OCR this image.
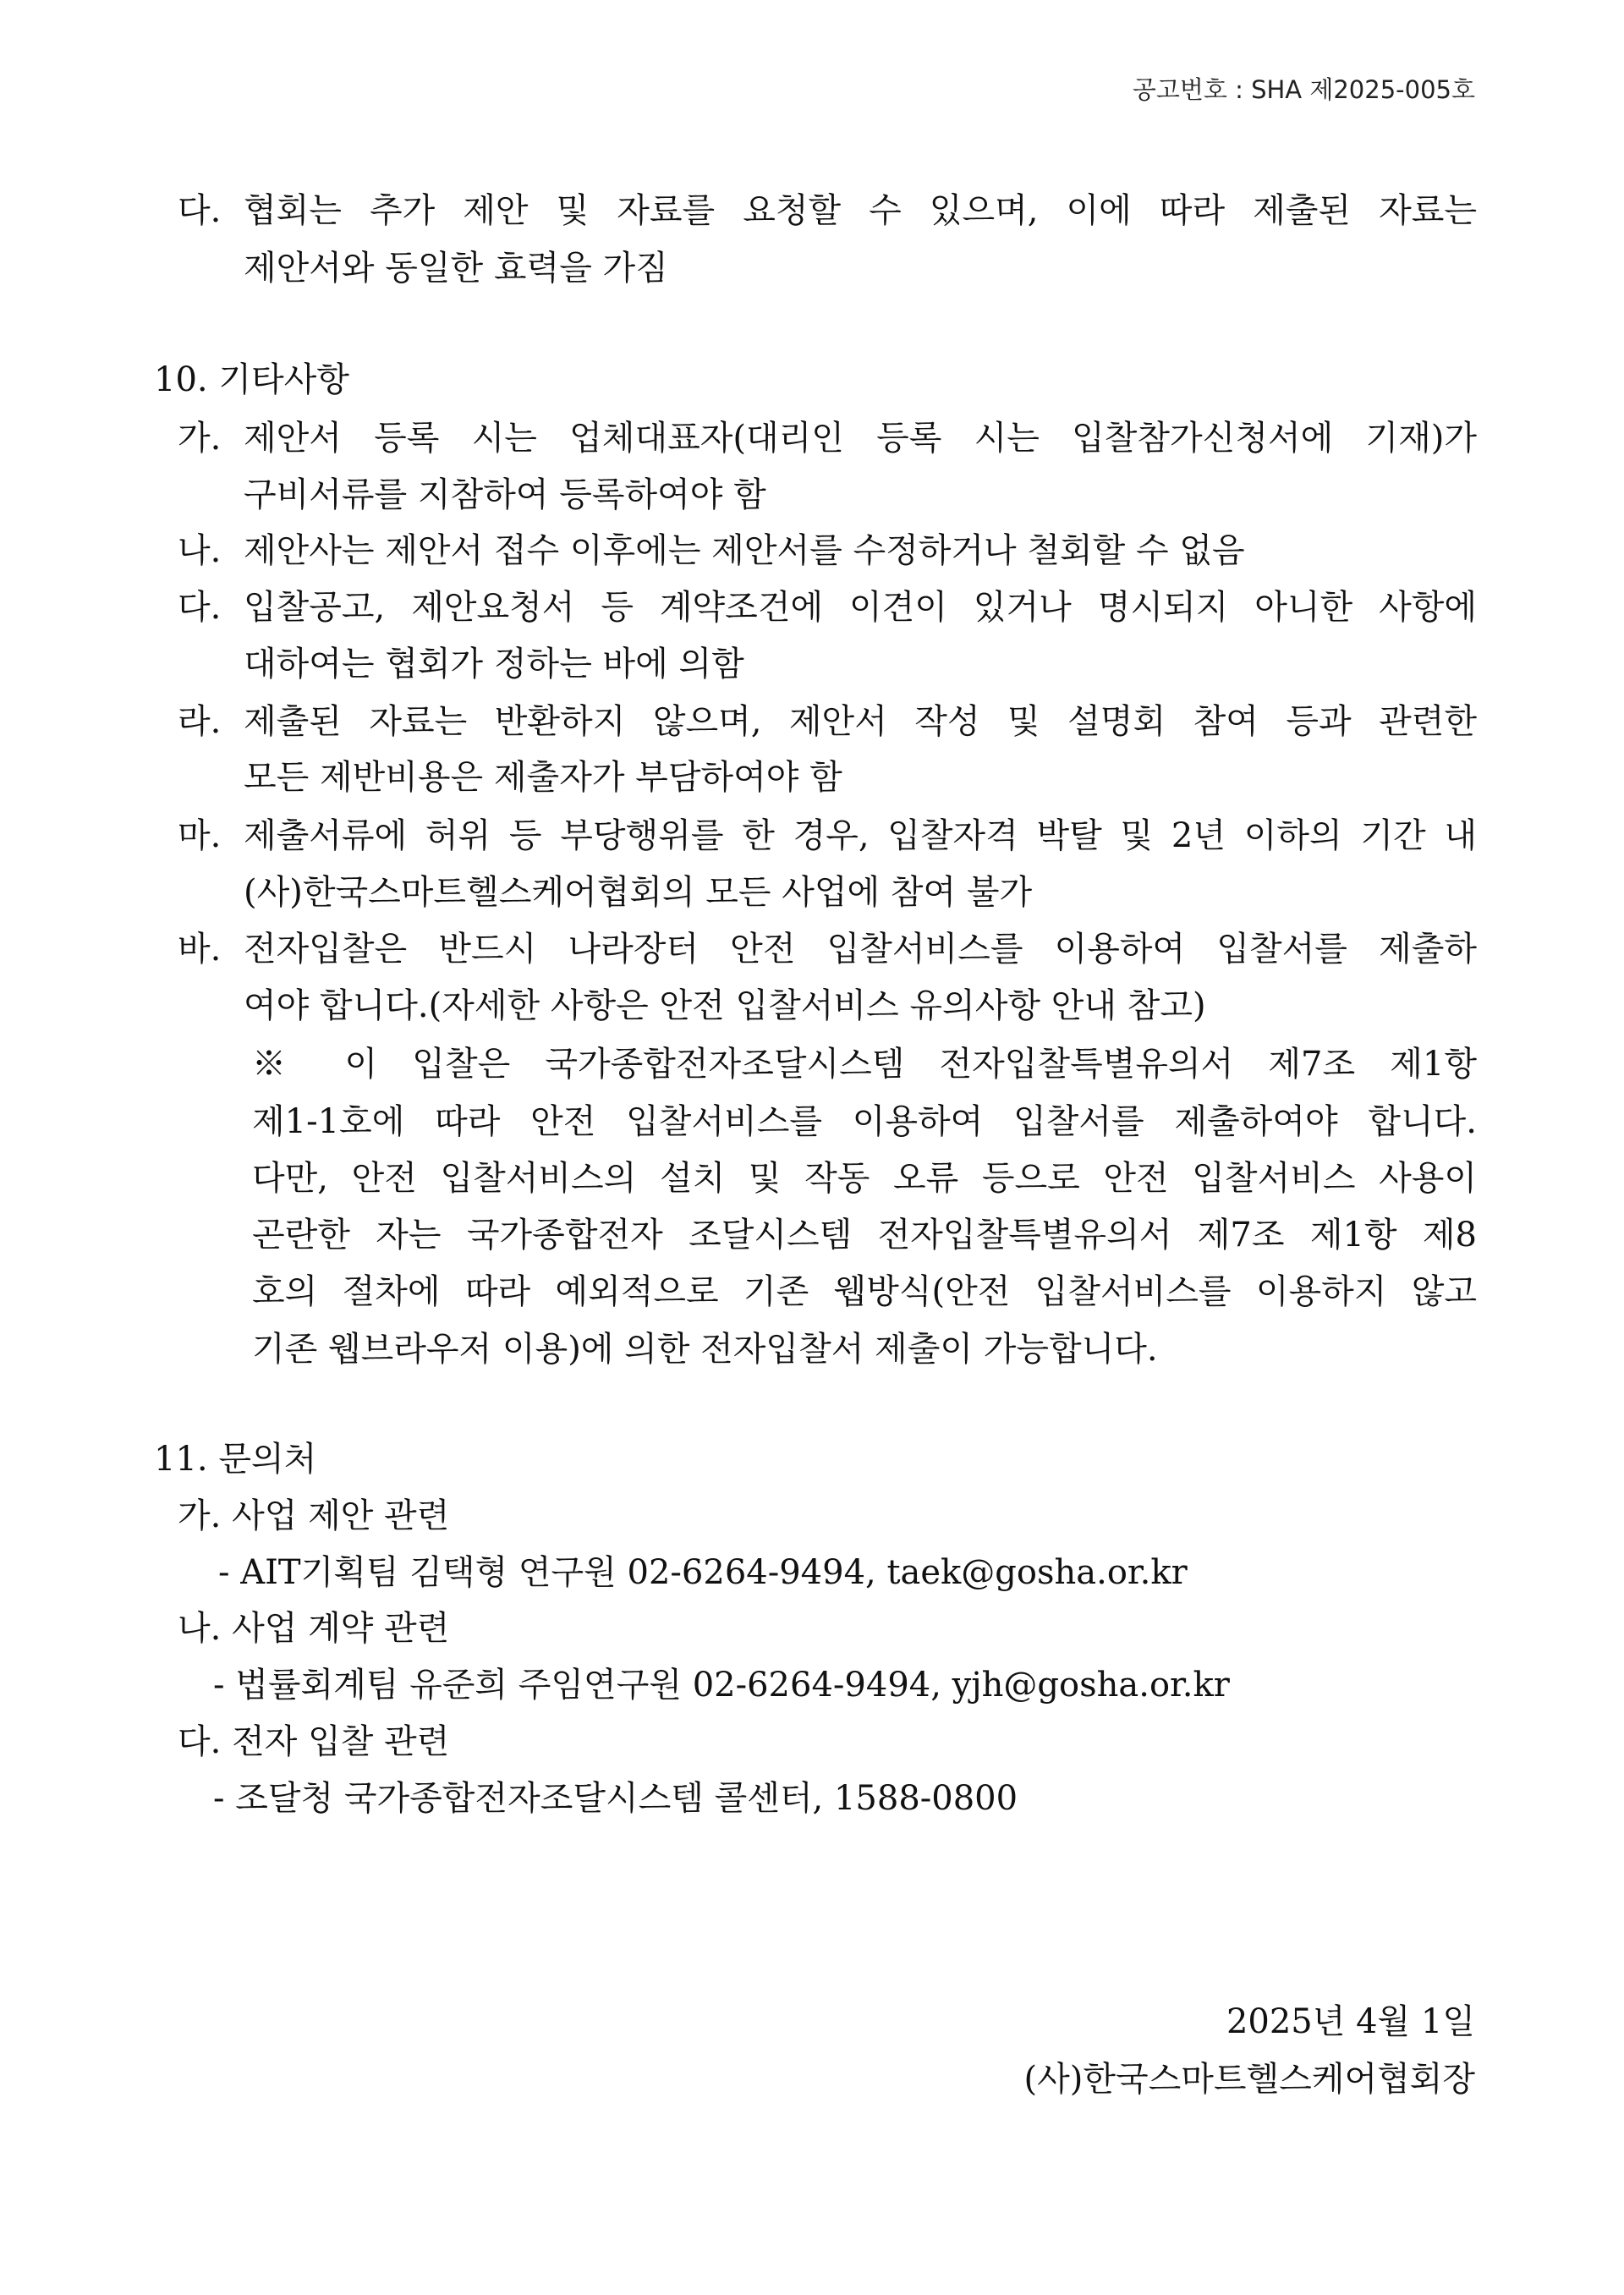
공고번호 : SHA 제2025-005호
다. 협회는 추가 제안 및 자료를 요청할 수 있으며, 이에 따라 제출된 자료는
제안서와 동일한 효력을 가짐
10. 기타사항
가. 제안서 등록 시는 업체대표자(대리인 등록 시는 입찰참가신청서에 기재)가
구비서류를 지참하여 등록하여야 함
나. 제안사는 제안서 접수 이후에는 제안서를 수정하거나 철회할 수 없음
다. 입찰공고, 제안요청서 등 계약조건에 이견이 있거나 명시되지 아니한 사항에
대하여는 협회가 정하는 바에 의함
라. 제출된 자료는 반환하지 않으며, 제안서 작성 및 설명회 참여 등과 관련한
모든 제반비용은 제출자가 부담하여야 함
마. 제출서류에 허위 등 부당행위를 한 경우, 입찰자격 박탈 및 2년 이하의 기간 내
(사)한국스마트헬스케어협회의 모든 사업에 참여 불가
바. 전자입찰은 반드시 나라장터 안전 입찰서비스를 이용하여 입찰서를 제출하
여야 합니다.(자세한 사항은 안전 입찰서비스 유의사항 안내 참고)
※ 이 입찰은 국가종합전자조달시스템 전자입찰특별유의서 제7조 제1항
제1-1호에 따라 안전 입찰서비스를 이용하여 입찰서를 제출하여야 합니다.
다만, 안전 입찰서비스의 설치 및 작동 오류 등으로 안전 입찰서비스 사용이
곤란한 자는 국가종합전자 조달시스템 전자입찰특별유의서 제7조 제1항 제8
호의 절차에 따라 예외적으로 기존 웹방식(안전 입찰서비스를 이용하지 않고
기존 웹브라우저 이용)에 의한 전자입찰서 제출이 가능합니다.
11. 문의처
가. 사업 제안 관련
- AIT기획팀 김택형 연구원 02-6264-9494, taek@gosha.or.kr
나. 사업 계약 관련
- 법률회계팀 유준희 주임연구원 02-6264-9494, yjh@gosha.or.kr
다. 전자 입찰 관련
- 조달청 국가종합전자조달시스템 콜센터, 1588-0800
2025년 4월 1일
(사)한국스마트헬스케어협회장
